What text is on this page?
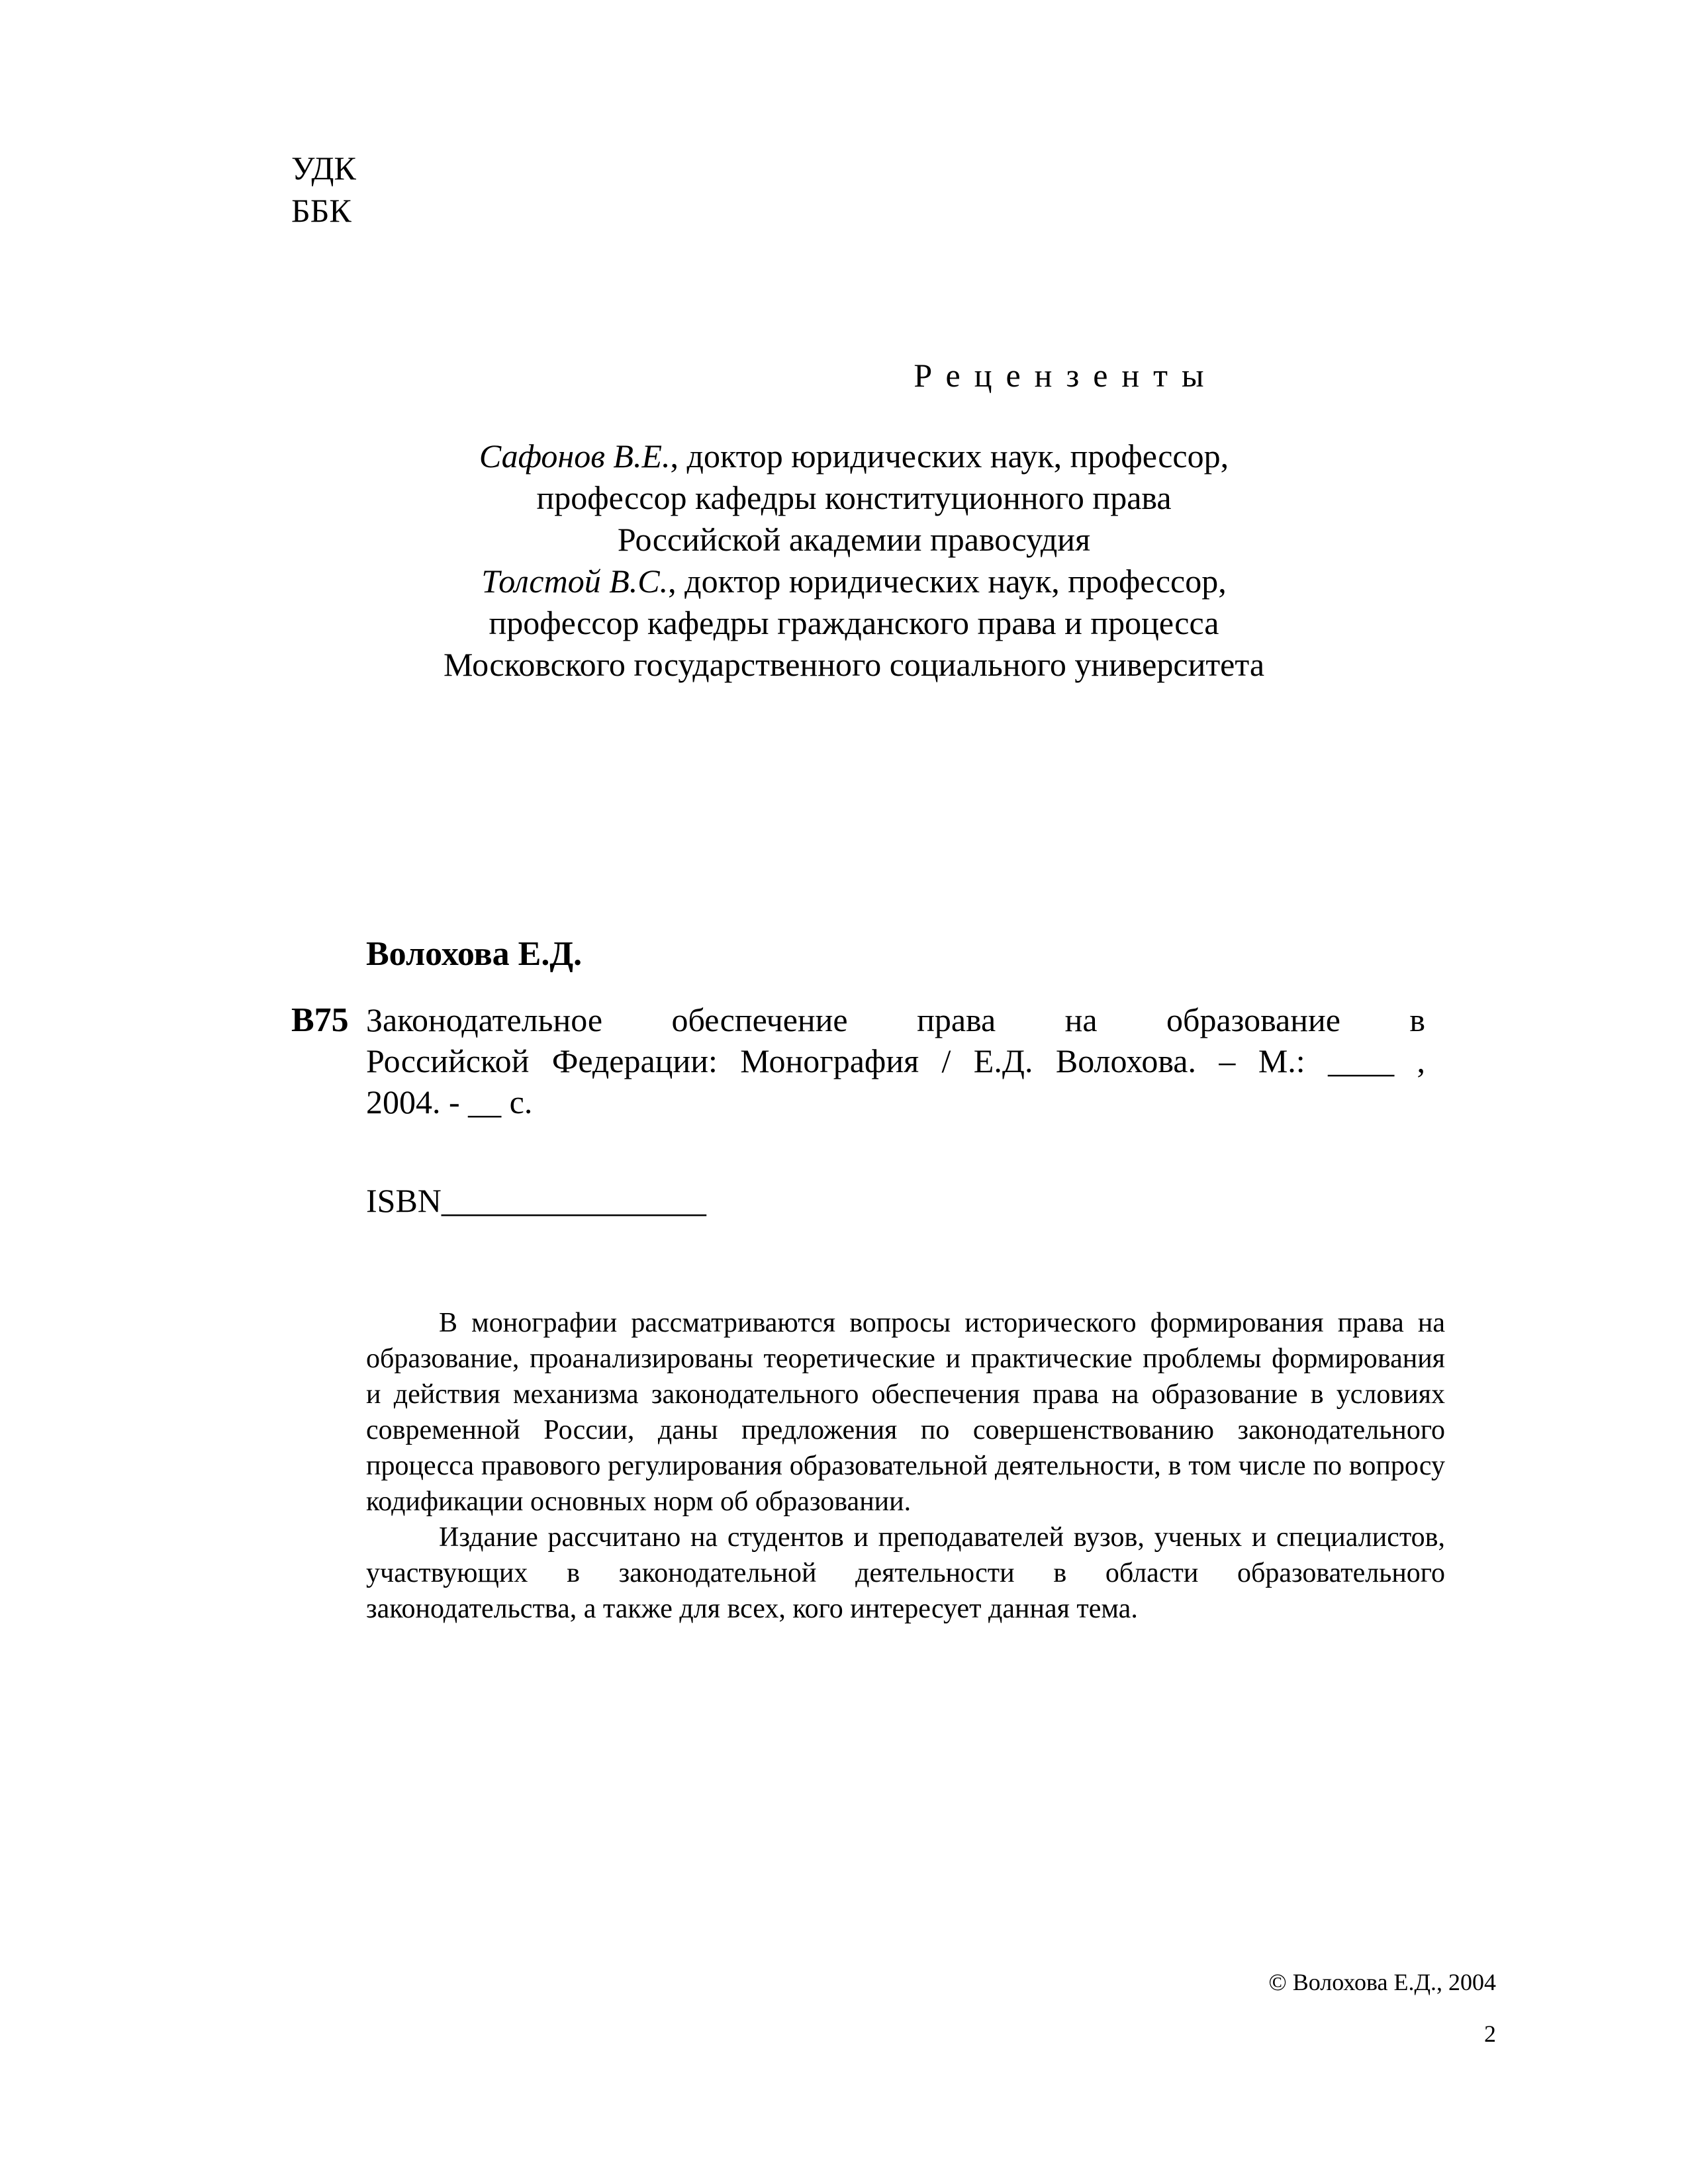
УДК
ББК
Рецензенты
Сафонов В.Е., доктор юридических наук, профессор,
профессор кафедры конституционного права
Российской академии правосудия
Толстой В.С., доктор юридических наук, профессор,
профессор кафедры гражданского права и процесса
Московского государственного социального университета
Волохова Е.Д.
В75 Законодательное обеспечение права на образование в
Российской Федерации: Монография / Е.Д. Волохова. – М.: ____ ,
2004. - __ с.
ISBN________________

В монографии рассматриваются вопросы исторического формирования права на образование, проанализированы теоретические и практические проблемы формирования и действия механизма законодательного обеспечения права на образование в условиях современной России, даны предложения по совершенствованию законодательного процесса правового регулирования образовательной деятельности, в том числе по вопросу кодификации основных норм об образовании.

Издание рассчитано на студентов и преподавателей вузов, ученых и специалистов, участвующих в законодательной деятельности в области образовательного законодательства, а также для всех, кого интересует данная тема.

© Волохова Е.Д., 2004
2
